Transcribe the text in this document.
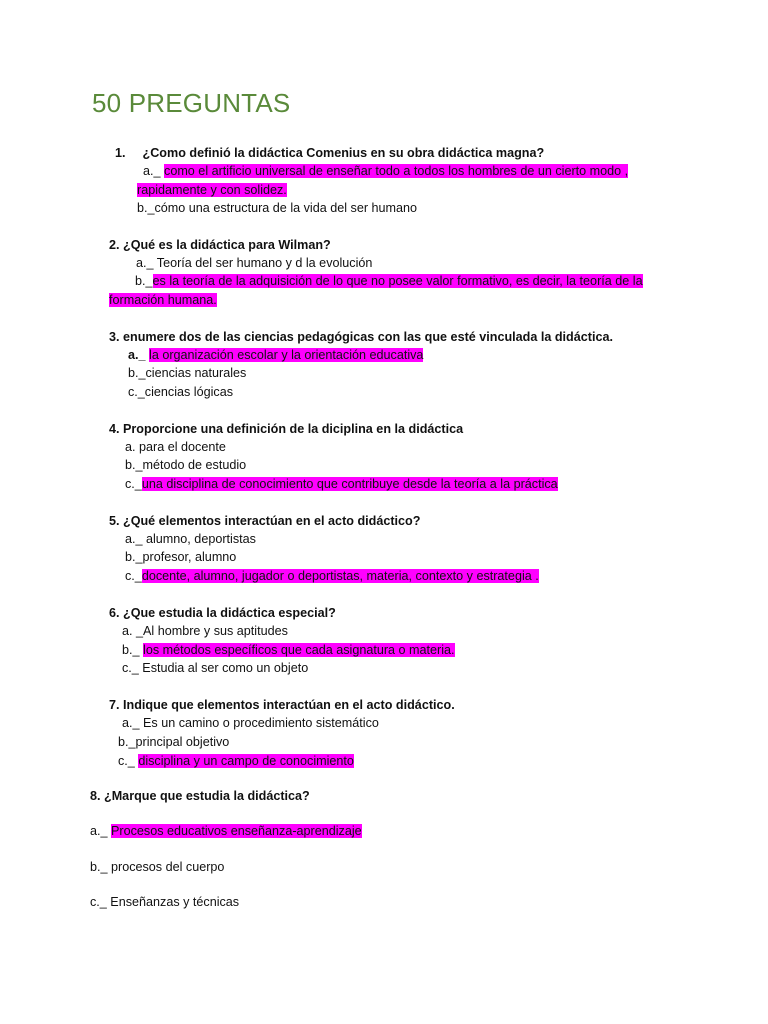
50 PREGUNTAS
1. ¿Como definió la didáctica Comenius en su obra didáctica magna?
a._ como el artificio universal de enseñar todo a todos los hombres de un cierto modo ,
rapidamente y con solidez.
b._cómo una estructura de la vida del ser humano
2. ¿Qué es la didáctica para Wilman?
a._ Teoría del ser humano y d la evolución
b._es la teoría de la adquisición de lo que no posee valor formativo, es decir, la teoría de la
formación humana.
3. enumere dos de las ciencias pedagógicas con las que esté vinculada la didáctica.
a._ la organización escolar y la orientación educativa
b._ciencias naturales
c._ciencias lógicas
4. Proporcione una definición de la diciplina en la didáctica
a. para el docente
b._método de estudio
c._una disciplina de conocimiento que contribuye desde la teoría a la práctica
5. ¿Qué elementos interactúan en el acto didáctico?
a._ alumno, deportistas
b._profesor, alumno
c._docente, alumno, jugador o deportistas, materia, contexto y estrategia .
6. ¿Que estudia la didáctica especial?
a. _Al hombre y sus aptitudes
b._ los métodos específicos que cada asignatura o materia.
c._ Estudia al ser como un objeto
7. Indique que elementos interactúan en el acto didáctico.
a._ Es un camino o procedimiento sistemático
b._principal objetivo
c._ disciplina y un campo de conocimiento
8. ¿Marque que estudia la didáctica?
a._ Procesos educativos enseñanza-aprendizaje
b._ procesos del cuerpo
c._ Enseñanzas y técnicas
